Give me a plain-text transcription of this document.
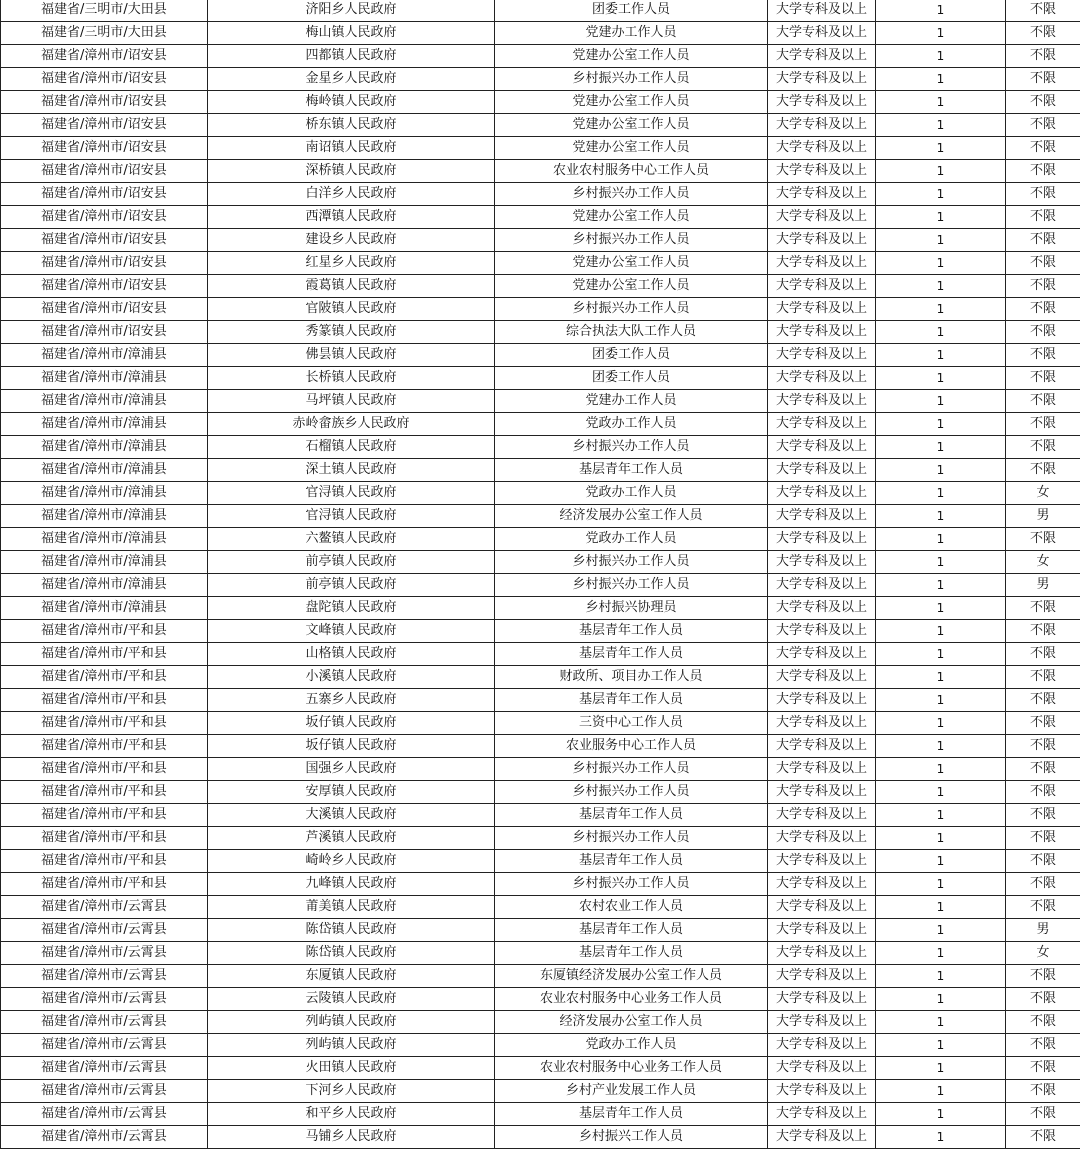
福建省/三明市/大田县	济阳乡人民政府	团委工作人员	大学专科及以上	1	不限
福建省/三明市/大田县	梅山镇人民政府	党建办工作人员	大学专科及以上	1	不限
福建省/漳州市/诏安县	四都镇人民政府	党建办公室工作人员	大学专科及以上	1	不限
福建省/漳州市/诏安县	金星乡人民政府	乡村振兴办工作人员	大学专科及以上	1	不限
福建省/漳州市/诏安县	梅岭镇人民政府	党建办公室工作人员	大学专科及以上	1	不限
福建省/漳州市/诏安县	桥东镇人民政府	党建办公室工作人员	大学专科及以上	1	不限
福建省/漳州市/诏安县	南诏镇人民政府	党建办公室工作人员	大学专科及以上	1	不限
福建省/漳州市/诏安县	深桥镇人民政府	农业农村服务中心工作人员	大学专科及以上	1	不限
福建省/漳州市/诏安县	白洋乡人民政府	乡村振兴办工作人员	大学专科及以上	1	不限
福建省/漳州市/诏安县	西潭镇人民政府	党建办公室工作人员	大学专科及以上	1	不限
福建省/漳州市/诏安县	建设乡人民政府	乡村振兴办工作人员	大学专科及以上	1	不限
福建省/漳州市/诏安县	红星乡人民政府	党建办公室工作人员	大学专科及以上	1	不限
福建省/漳州市/诏安县	霞葛镇人民政府	党建办公室工作人员	大学专科及以上	1	不限
福建省/漳州市/诏安县	官陂镇人民政府	乡村振兴办工作人员	大学专科及以上	1	不限
福建省/漳州市/诏安县	秀篆镇人民政府	综合执法大队工作人员	大学专科及以上	1	不限
福建省/漳州市/漳浦县	佛昙镇人民政府	团委工作人员	大学专科及以上	1	不限
福建省/漳州市/漳浦县	长桥镇人民政府	团委工作人员	大学专科及以上	1	不限
福建省/漳州市/漳浦县	马坪镇人民政府	党建办工作人员	大学专科及以上	1	不限
福建省/漳州市/漳浦县	赤岭畲族乡人民政府	党政办工作人员	大学专科及以上	1	不限
福建省/漳州市/漳浦县	石榴镇人民政府	乡村振兴办工作人员	大学专科及以上	1	不限
福建省/漳州市/漳浦县	深土镇人民政府	基层青年工作人员	大学专科及以上	1	不限
福建省/漳州市/漳浦县	官浔镇人民政府	党政办工作人员	大学专科及以上	1	女
福建省/漳州市/漳浦县	官浔镇人民政府	经济发展办公室工作人员	大学专科及以上	1	男
福建省/漳州市/漳浦县	六鳌镇人民政府	党政办工作人员	大学专科及以上	1	不限
福建省/漳州市/漳浦县	前亭镇人民政府	乡村振兴办工作人员	大学专科及以上	1	女
福建省/漳州市/漳浦县	前亭镇人民政府	乡村振兴办工作人员	大学专科及以上	1	男
福建省/漳州市/漳浦县	盘陀镇人民政府	乡村振兴协理员	大学专科及以上	1	不限
福建省/漳州市/平和县	文峰镇人民政府	基层青年工作人员	大学专科及以上	1	不限
福建省/漳州市/平和县	山格镇人民政府	基层青年工作人员	大学专科及以上	1	不限
福建省/漳州市/平和县	小溪镇人民政府	财政所、项目办工作人员	大学专科及以上	1	不限
福建省/漳州市/平和县	五寨乡人民政府	基层青年工作人员	大学专科及以上	1	不限
福建省/漳州市/平和县	坂仔镇人民政府	三资中心工作人员	大学专科及以上	1	不限
福建省/漳州市/平和县	坂仔镇人民政府	农业服务中心工作人员	大学专科及以上	1	不限
福建省/漳州市/平和县	国强乡人民政府	乡村振兴办工作人员	大学专科及以上	1	不限
福建省/漳州市/平和县	安厚镇人民政府	乡村振兴办工作人员	大学专科及以上	1	不限
福建省/漳州市/平和县	大溪镇人民政府	基层青年工作人员	大学专科及以上	1	不限
福建省/漳州市/平和县	芦溪镇人民政府	乡村振兴办工作人员	大学专科及以上	1	不限
福建省/漳州市/平和县	崎岭乡人民政府	基层青年工作人员	大学专科及以上	1	不限
福建省/漳州市/平和县	九峰镇人民政府	乡村振兴办工作人员	大学专科及以上	1	不限
福建省/漳州市/云霄县	莆美镇人民政府	农村农业工作人员	大学专科及以上	1	不限
福建省/漳州市/云霄县	陈岱镇人民政府	基层青年工作人员	大学专科及以上	1	男
福建省/漳州市/云霄县	陈岱镇人民政府	基层青年工作人员	大学专科及以上	1	女
福建省/漳州市/云霄县	东厦镇人民政府	东厦镇经济发展办公室工作人员	大学专科及以上	1	不限
福建省/漳州市/云霄县	云陵镇人民政府	农业农村服务中心业务工作人员	大学专科及以上	1	不限
福建省/漳州市/云霄县	列屿镇人民政府	经济发展办公室工作人员	大学专科及以上	1	不限
福建省/漳州市/云霄县	列屿镇人民政府	党政办工作人员	大学专科及以上	1	不限
福建省/漳州市/云霄县	火田镇人民政府	农业农村服务中心业务工作人员	大学专科及以上	1	不限
福建省/漳州市/云霄县	下河乡人民政府	乡村产业发展工作人员	大学专科及以上	1	不限
福建省/漳州市/云霄县	和平乡人民政府	基层青年工作人员	大学专科及以上	1	不限
福建省/漳州市/云霄县	马铺乡人民政府	乡村振兴工作人员	大学专科及以上	1	不限
